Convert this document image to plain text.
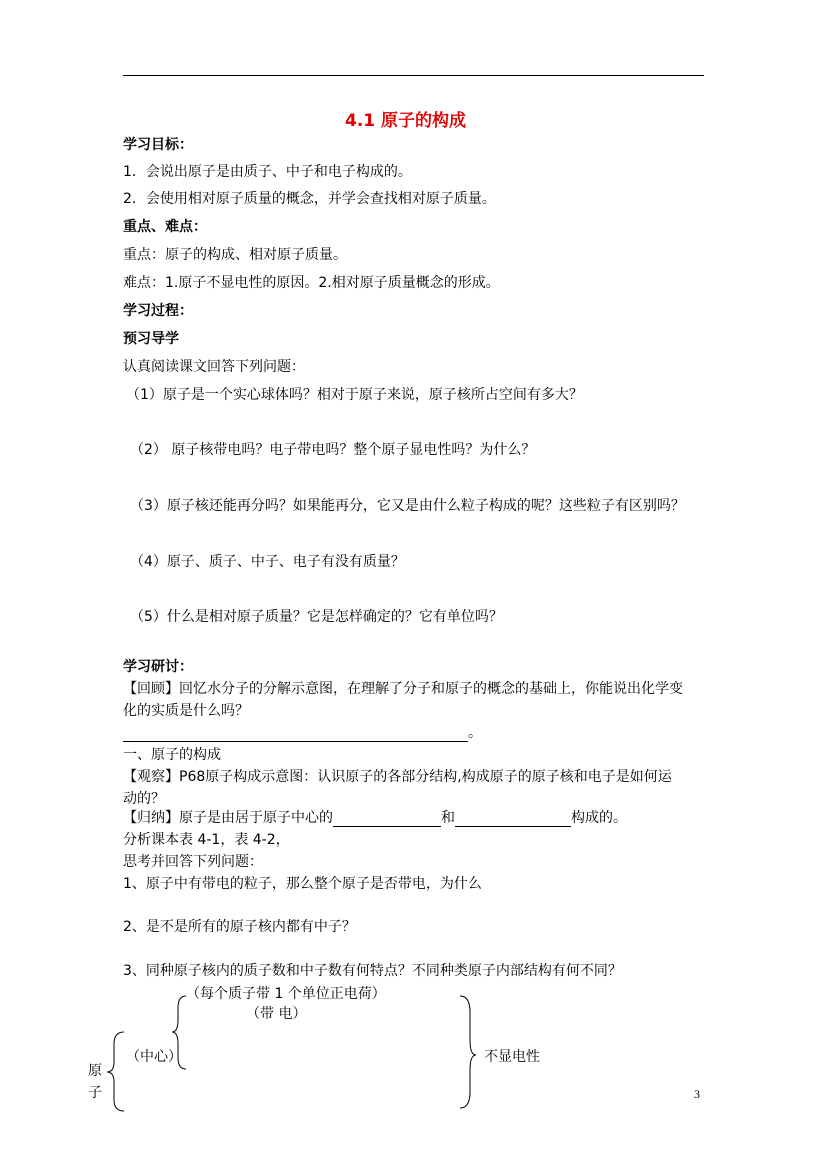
4.1 原子的构成
学习目标：
1．会说出原子是由质子、中子和电子构成的。
2．会使用相对原子质量的概念，并学会查找相对原子质量。
重点、难点：
重点：原子的构成、相对原子质量。
难点：1.原子不显电性的原因。2.相对原子质量概念的形成。
学习过程：
预习导学
认真阅读课文回答下列问题：
（1）原子是一个实心球体吗？相对于原子来说，原子核所占空间有多大？
（2） 原子核带电吗？电子带电吗？整个原子显电性吗？为什么？
（3）原子核还能再分吗？如果能再分，它又是由什么粒子构成的呢？这些粒子有区别吗？
（4）原子、质子、中子、电子有没有质量？
（5）什么是相对原子质量？它是怎样确定的？它有单位吗？
学习研讨：
【回顾】回忆水分子的分解示意图，在理解了分子和原子的概念的基础上，你能说出化学变
化的实质是什么吗？
。
一、原子的构成
【观察】P68原子构成示意图：认识原子的各部分结构,构成原子的原子核和电子是如何运
动的？
【归纳】原子是由居于原子中心的	和	构成的。
分析课本表 4-1，表 4-2，
思考并回答下列问题：
1、原子中有带电的粒子，那么整个原子是否带电，为什么
2、是不是所有的原子核内都有中子？
3、同种原子核内的质子数和中子数有何特点？不同种类原子内部结构有何不同？
（每个质子带 1 个单位正电荷）
（带 电）
（中心）
原
子
不显电性
3
